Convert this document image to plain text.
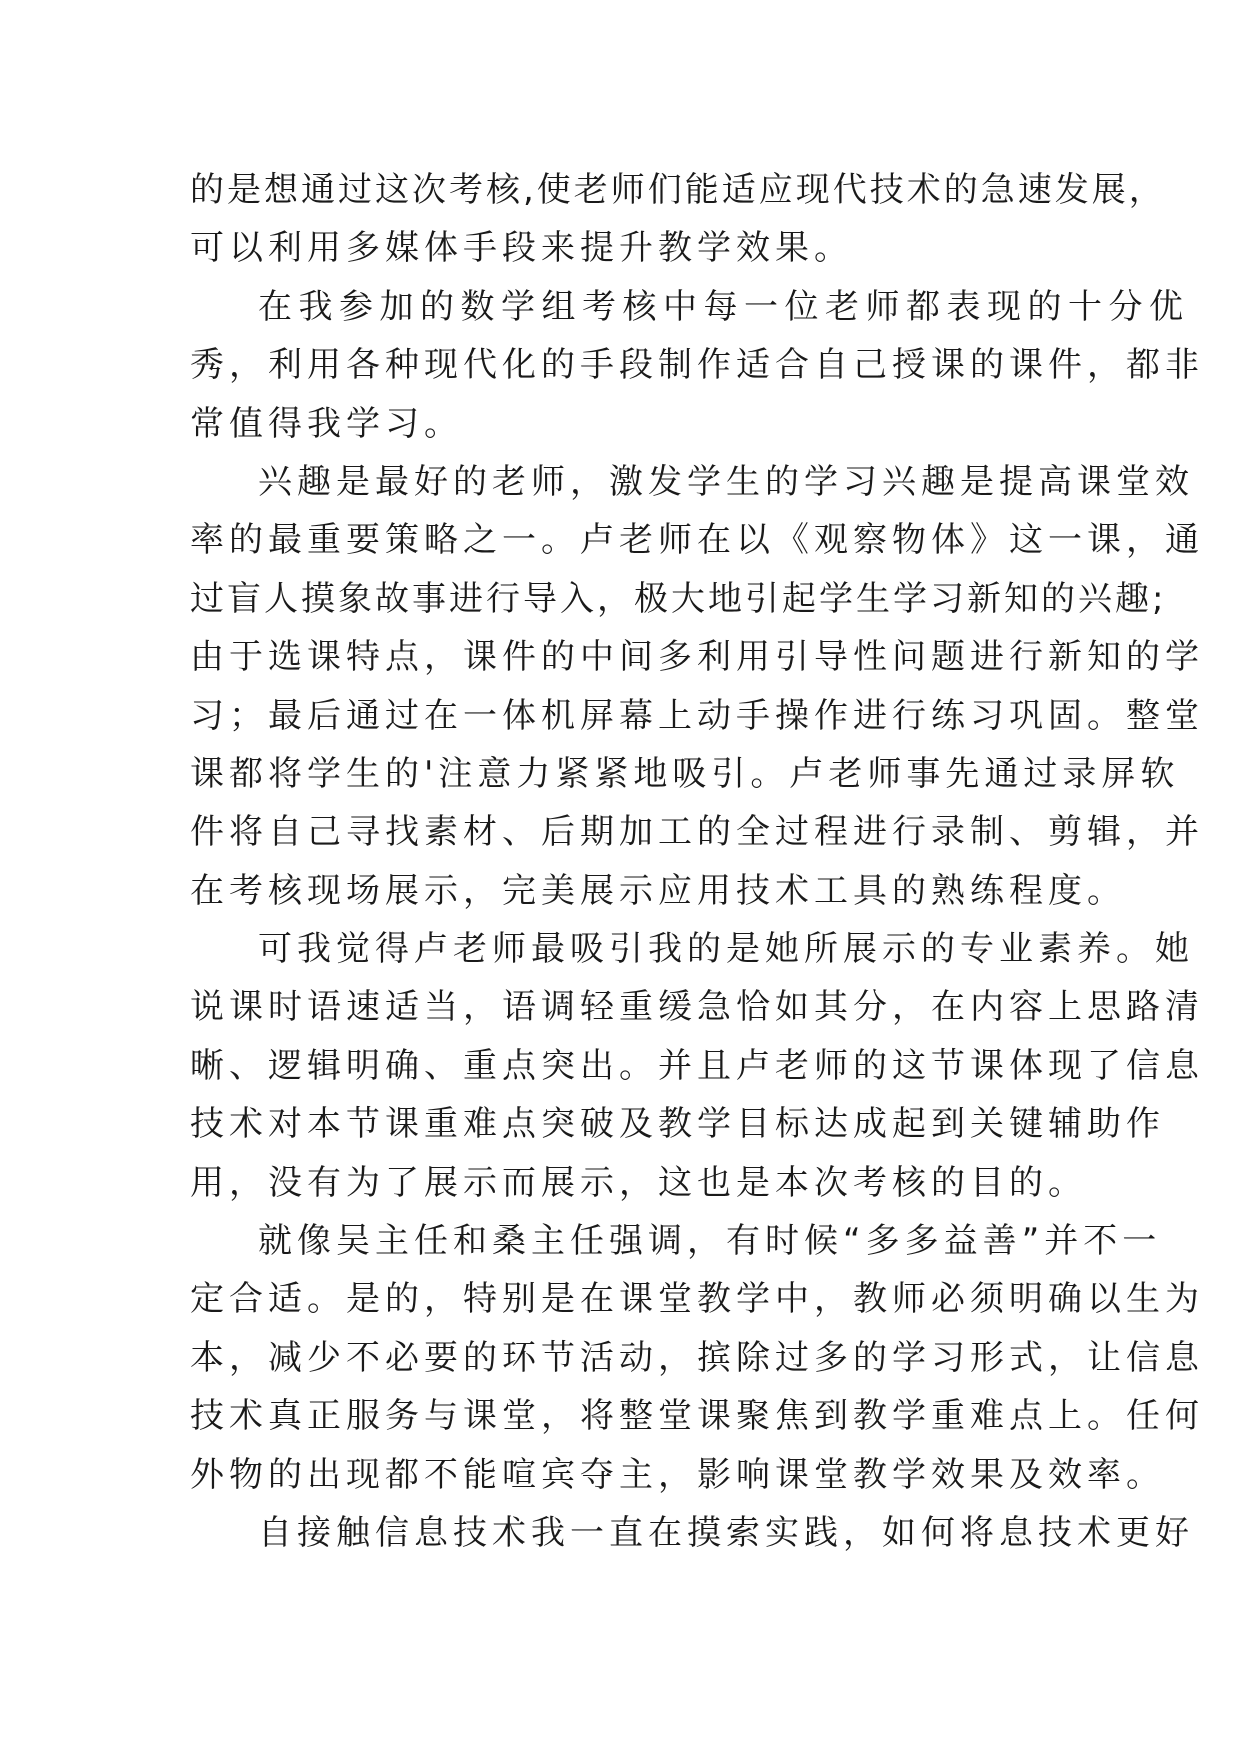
的是想通过这次考核,使老师们能适应现代技术的急速发展，
可以利用多媒体手段来提升教学效果。
在我参加的数学组考核中每一位老师都表现的十分优
秀，利用各种现代化的手段制作适合自己授课的课件，都非
常值得我学习。
兴趣是最好的老师，激发学生的学习兴趣是提高课堂效
率的最重要策略之一。卢老师在以《观察物体》这一课，通
过盲人摸象故事进行导入，极大地引起学生学习新知的兴趣;
由于选课特点，课件的中间多利用引导性问题进行新知的学
习；最后通过在一体机屏幕上动手操作进行练习巩固。整堂
课都将学生的'注意力紧紧地吸引。卢老师事先通过录屏软
件将自己寻找素材、后期加工的全过程进行录制、剪辑，并
在考核现场展示，完美展示应用技术工具的熟练程度。
可我觉得卢老师最吸引我的是她所展示的专业素养。她
说课时语速适当，语调轻重缓急恰如其分，在内容上思路清
晰、逻辑明确、重点突出。并且卢老师的这节课体现了信息
技术对本节课重难点突破及教学目标达成起到关键辅助作
用，没有为了展示而展示，这也是本次考核的目的。
就像吴主任和桑主任强调，有时候“多多益善”并不一
定合适。是的，特别是在课堂教学中，教师必须明确以生为
本，减少不必要的环节活动，摈除过多的学习形式，让信息
技术真正服务与课堂，将整堂课聚焦到教学重难点上。任何
外物的出现都不能喧宾夺主，影响课堂教学效果及效率。
自接触信息技术我一直在摸索实践，如何将息技术更好
